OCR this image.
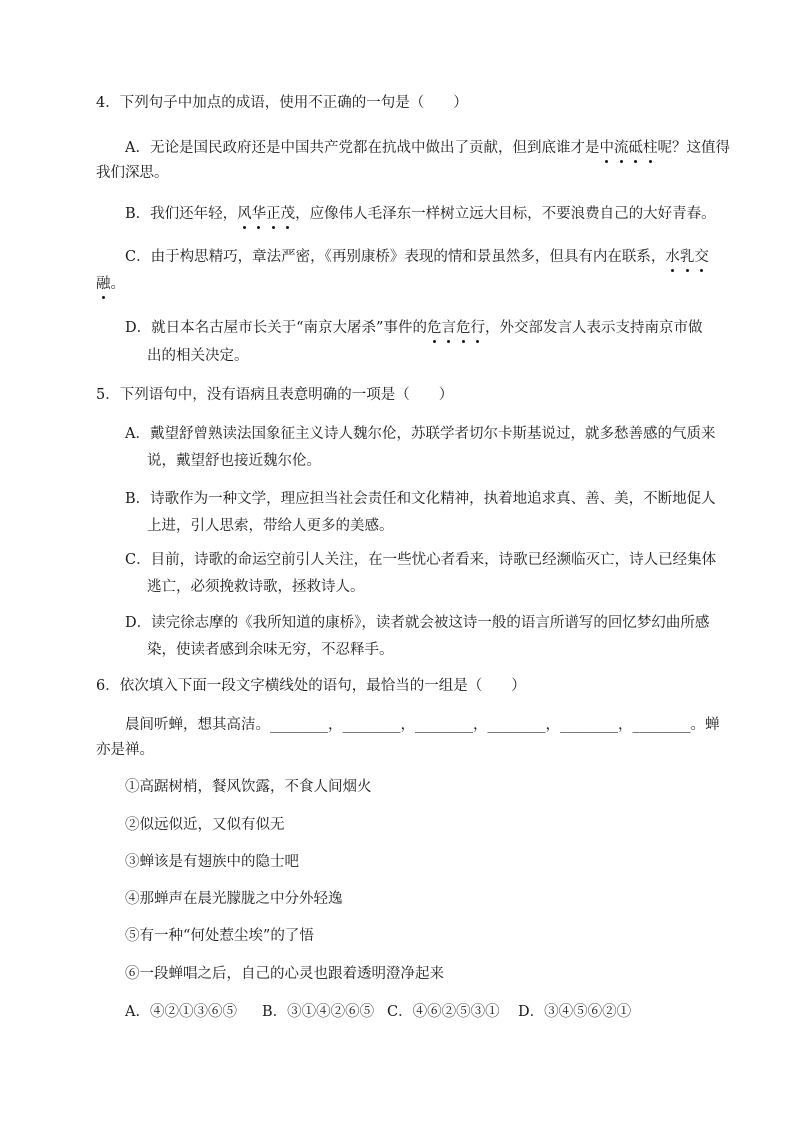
4．下列句子中加点的成语，使用不正确的一句是（　　）
A．无论是国民政府还是中国共产党都在抗战中做出了贡献，但到底谁才是中流砥柱呢？这值得
我们深思。
B．我们还年轻，风华正茂，应像伟人毛泽东一样树立远大目标，不要浪费自己的大好青春。
C．由于构思精巧，章法严密，《再别康桥》表现的情和景虽然多，但具有内在联系，水乳交
融。
D．就日本名古屋市长关于“南京大屠杀”事件的危言危行，外交部发言人表示支持南京市做
出的相关决定。
5．下列语句中，没有语病且表意明确的一项是（　　）
A．戴望舒曾熟读法国象征主义诗人魏尔伦，苏联学者切尔卡斯基说过，就多愁善感的气质来
说，戴望舒也接近魏尔伦。
B．诗歌作为一种文学，理应担当社会责任和文化精神，执着地追求真、善、美，不断地促人
上进，引人思索，带给人更多的美感。
C．目前，诗歌的命运空前引人关注，在一些忧心者看来，诗歌已经濒临灭亡，诗人已经集体
逃亡，必须挽救诗歌，拯救诗人。
D．读完徐志摩的《我所知道的康桥》，读者就会被这诗一般的语言所谱写的回忆梦幻曲所感
染，使读者感到余味无穷，不忍释手。
6．依次填入下面一段文字横线处的语句，最恰当的一组是（　　）
晨间听蝉，想其高洁。________，________，________，________，________，________。蝉
亦是禅。
①高踞树梢，餐风饮露，不食人间烟火
②似远似近，又似有似无
③蝉该是有翅族中的隐士吧
④那蝉声在晨光朦胧之中分外轻逸
⑤有一种“何处惹尘埃”的了悟
⑥一段蝉唱之后，自己的心灵也跟着透明澄净起来
A．④②①③⑥⑤ B．③①④②⑥⑤ C．④⑥②⑤③① D．③④⑤⑥②①
